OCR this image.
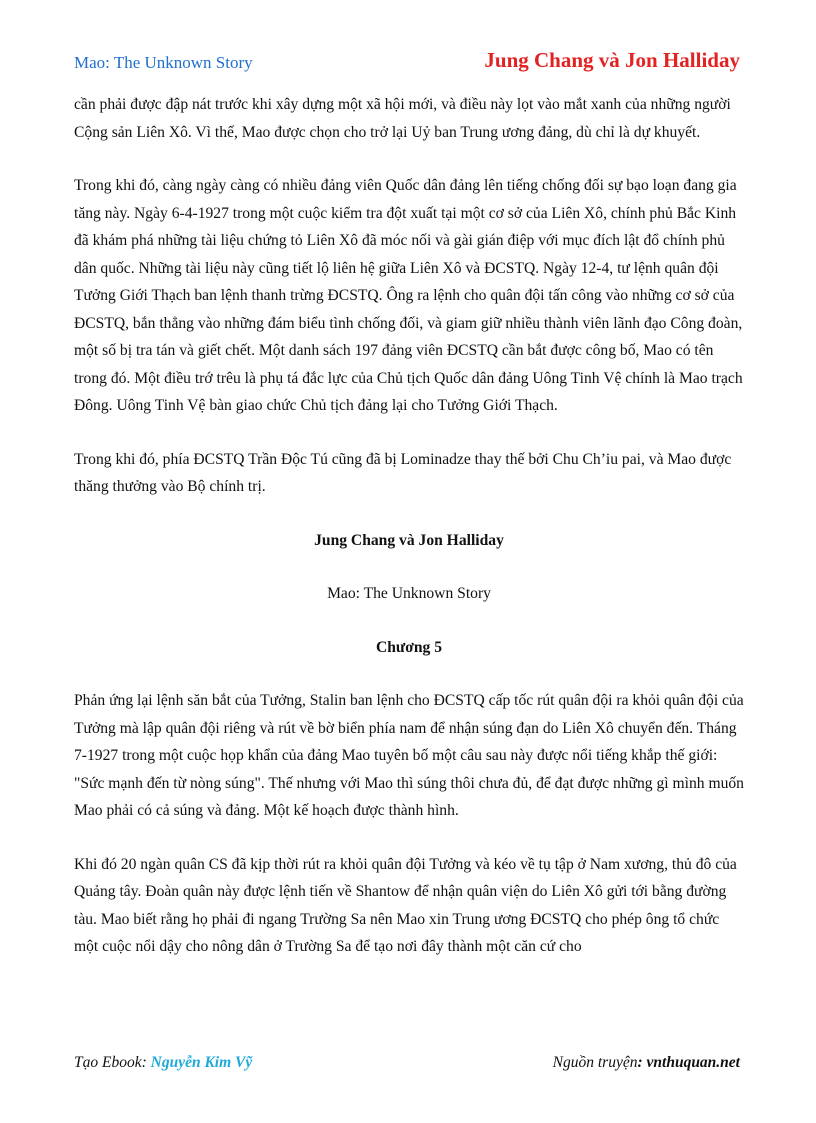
Mao: The Unknown Story	Jung Chang và Jon Halliday

cần phải được đập nát trước khi xây dựng một xã hội mới, và điều này lọt vào mắt xanh của những người Cộng sản Liên Xô. Vì thế, Mao được chọn cho trở lại Uỷ ban Trung ương đảng, dù chỉ là dự khuyết.

Trong khi đó, càng ngày càng có nhiều đảng viên Quốc dân đảng lên tiếng chống đối sự bạo loạn đang gia tăng này. Ngày 6-4-1927 trong một cuộc kiểm tra đột xuất tại một cơ sở của Liên Xô, chính phủ Bắc Kinh đã khám phá những tài liệu chứng tỏ Liên Xô đã móc nối và gài gián điệp với mục đích lật đổ chính phủ dân quốc. Những tài liệu này cũng tiết lộ liên hệ giữa Liên Xô và ĐCSTQ. Ngày 12-4, tư lệnh quân đội Tưởng Giới Thạch ban lệnh thanh trừng ĐCSTQ. Ông ra lệnh cho quân đội tấn công vào những cơ sở của ĐCSTQ, bắn thẳng vào những đám biểu tình chống đối, và giam giữ nhiều thành viên lãnh đạo Công đoàn, một số bị tra tán và giết chết. Một danh sách 197 đảng viên ĐCSTQ cần bắt được công bố, Mao có tên trong đó. Một điều trớ trêu là phụ tá đắc lực của Chủ tịch Quốc dân đảng Uông Tinh Vệ chính là Mao trạch Đông. Uông Tinh Vệ bàn giao chức Chủ tịch đảng lại cho Tưởng Giới Thạch.

Trong khi đó, phía ĐCSTQ Trần Độc Tú cũng đã bị Lominadze thay thế bởi Chu Ch’iu pai, và Mao được thăng thưởng vào Bộ chính trị.

Jung Chang và Jon Halliday

Mao: The Unknown Story

Chương 5

Phản ứng lại lệnh săn bắt của Tưởng, Stalin ban lệnh cho ĐCSTQ cấp tốc rút quân đội ra khỏi quân đội của Tưởng mà lập quân đội riêng và rút về bờ biển phía nam để nhận súng đạn do Liên Xô chuyển đến. Tháng 7-1927 trong một cuộc họp khẩn của đảng Mao tuyên bố một câu sau này được nổi tiếng khắp thế giới: "Sức mạnh đến từ nòng súng". Thế nhưng với Mao thì súng thôi chưa đủ, để đạt được những gì mình muốn Mao phải có cả súng và đảng. Một kế hoạch được thành hình.

Khi đó 20 ngàn quân CS đã kịp thời rút ra khỏi quân đội Tưởng và kéo về tụ tập ở Nam xương, thủ đô của Quảng tây. Đoàn quân này được lệnh tiến về Shantow để nhận quân viện do Liên Xô gửi tới bằng đường tàu. Mao biết rằng họ phải đi ngang Trường Sa nên Mao xin Trung ương ĐCSTQ cho phép ông tổ chức một cuộc nổi dậy cho nông dân ở Trường Sa để tạo nơi đây thành một căn cứ cho

Tạo Ebook: Nguyễn Kim Vỹ	Nguồn truyện: vnthuquan.net
